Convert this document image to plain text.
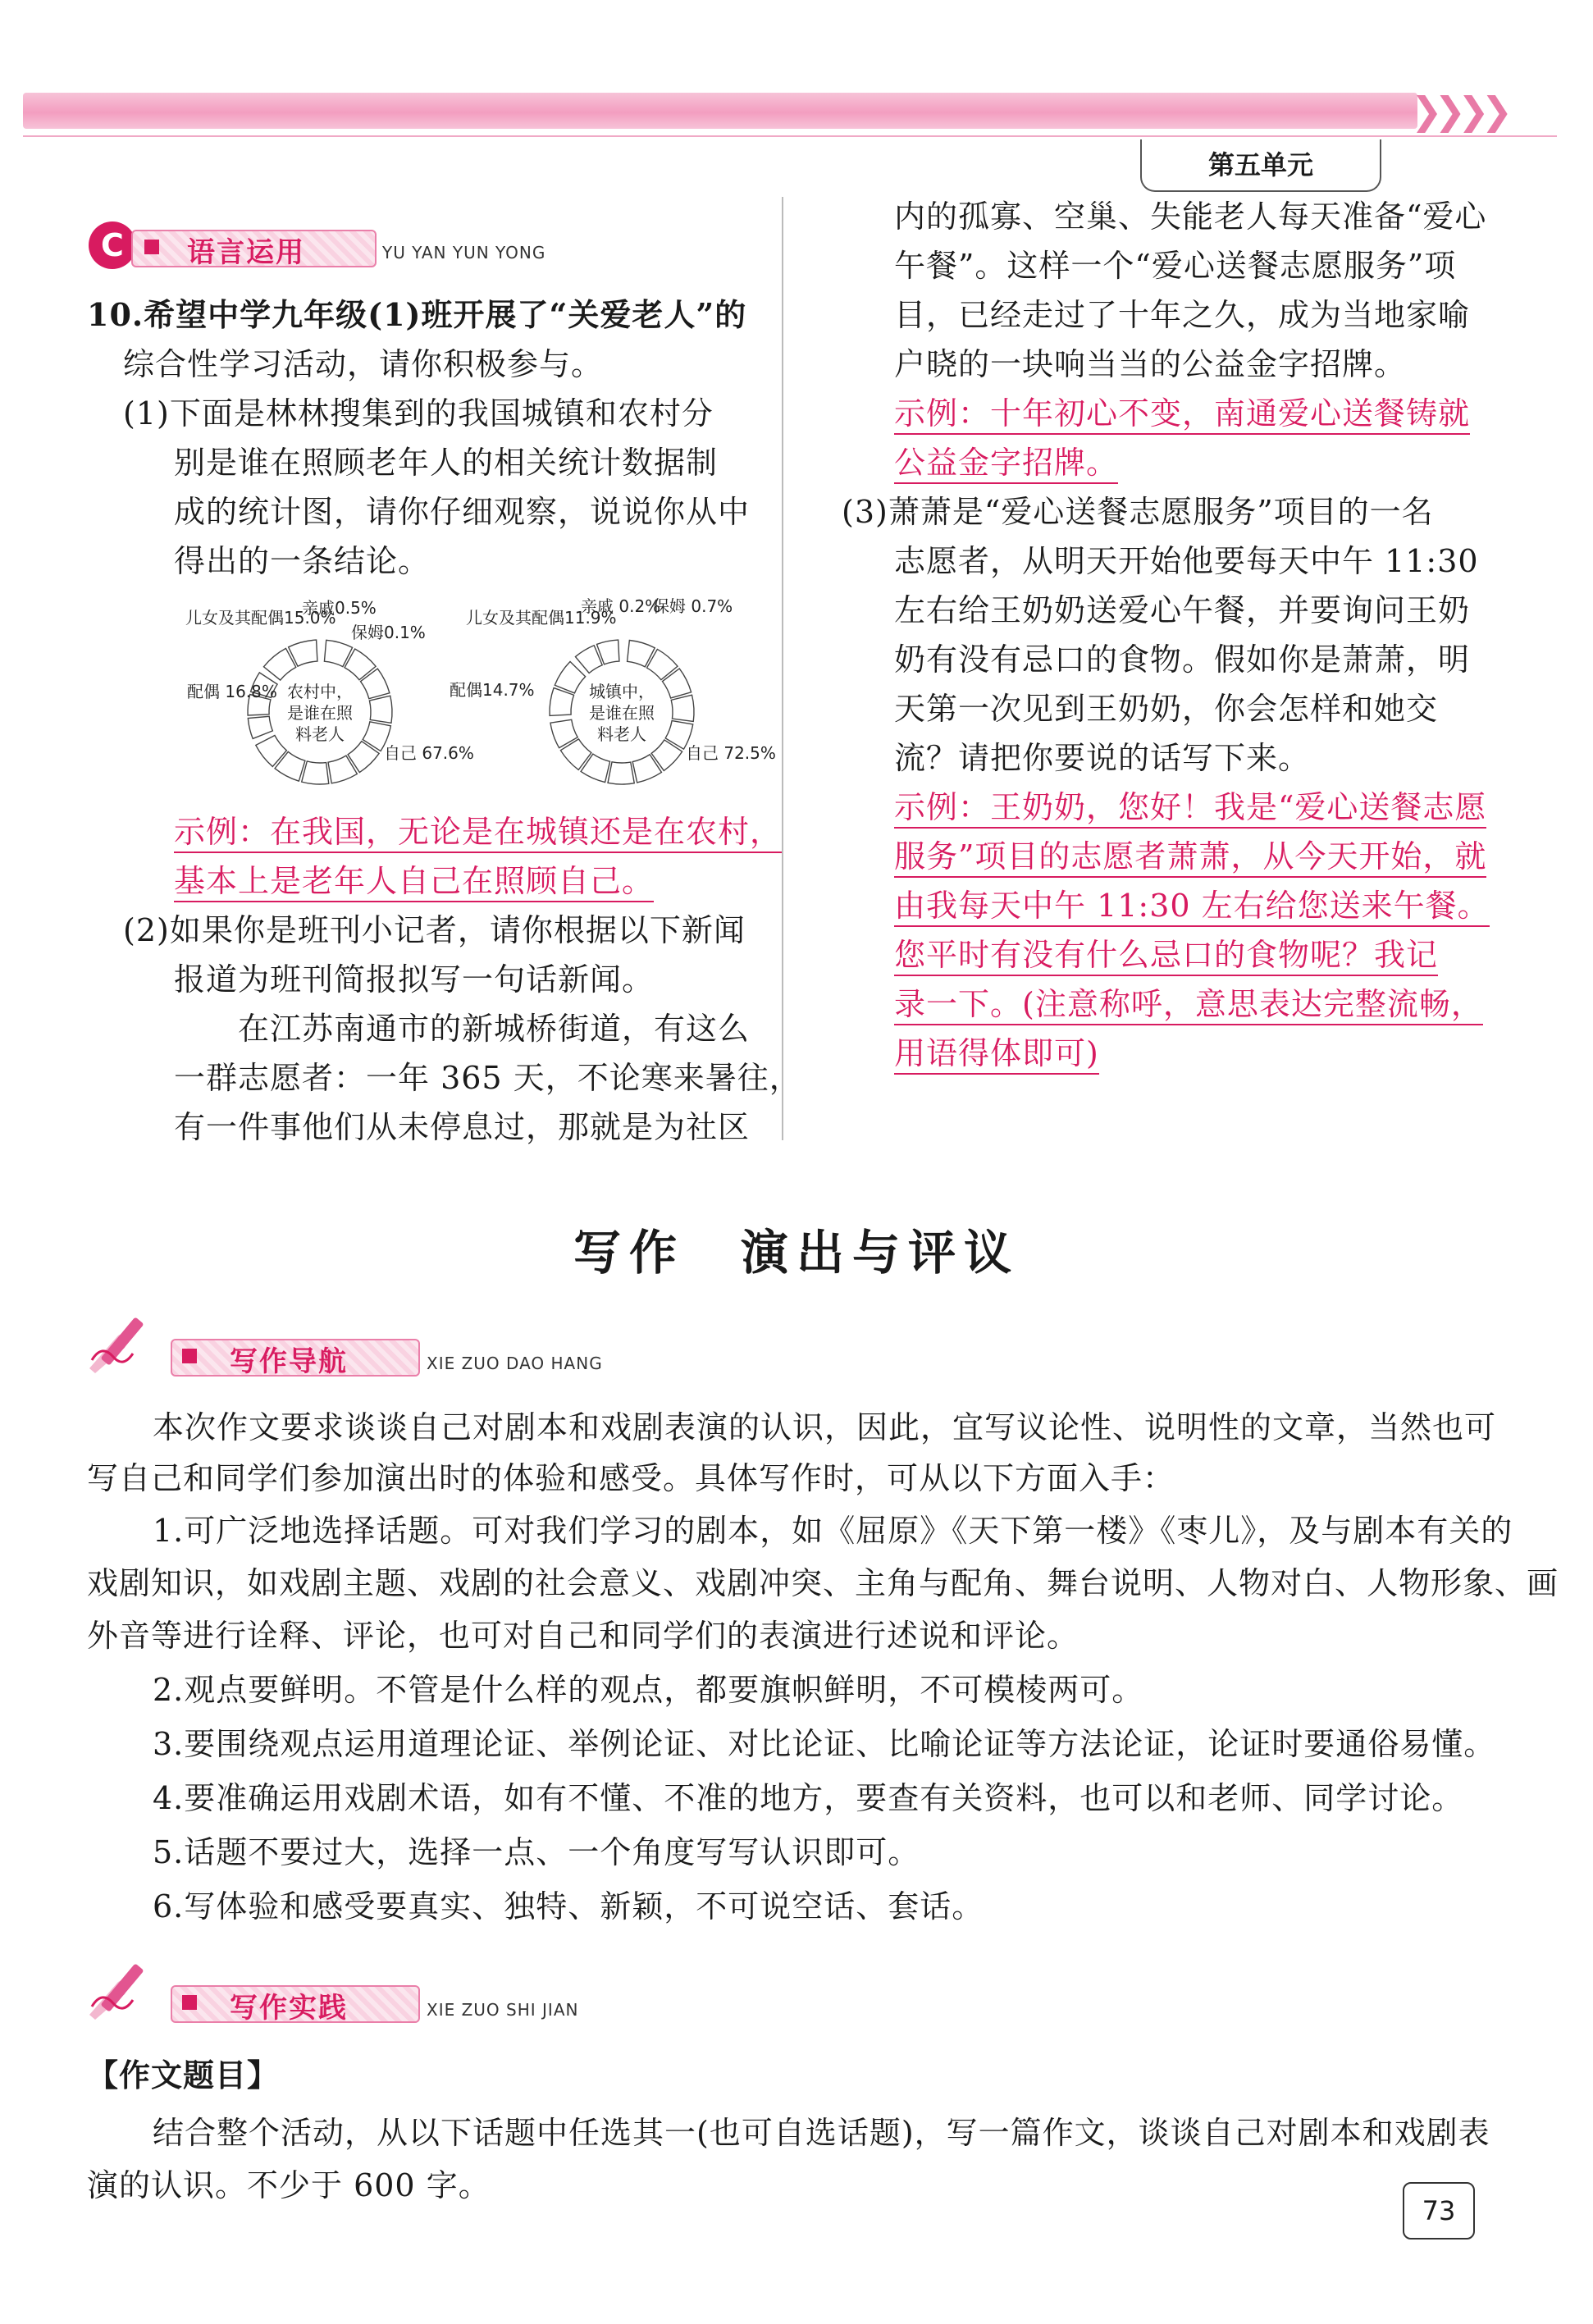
❯❯❯❯
第五单元
C	语言运用	YU YAN YUN YONG
10.希望中学九年级(1)班开展了“关爱老人”的
综合性学习活动，请你积极参与。
(1)下面是林林搜集到的我国城镇和农村分
别是谁在照顾老年人的相关统计数据制
成的统计图，请你仔细观察，说说你从中
得出的一条结论。
农村中，
是谁在照
料老人
自己 67.6%
配偶 16.8%
儿女及其配偶15.0%
亲戚0.5%
保姆0.1%
城镇中，
是谁在照
料老人
自己 72.5%
配偶14.7%
儿女及其配偶11.9%
亲戚 0.2%
保姆 0.7%
示例：在我国，无论是在城镇还是在农村，
基本上是老年人自己在照顾自己。
(2)如果你是班刊小记者，请你根据以下新闻
报道为班刊简报拟写一句话新闻。
在江苏南通市的新城桥街道，有这么
一群志愿者：一年 365 天，不论寒来暑往，
有一件事他们从未停息过，那就是为社区
内的孤寡、空巢、失能老人每天准备“爱心
午餐”。这样一个“爱心送餐志愿服务”项
目，已经走过了十年之久，成为当地家喻
户晓的一块响当当的公益金字招牌。
示例：十年初心不变，南通爱心送餐铸就
公益金字招牌。
(3)萧萧是“爱心送餐志愿服务”项目的一名
志愿者，从明天开始他要每天中午 11:30
左右给王奶奶送爱心午餐，并要询问王奶
奶有没有忌口的食物。假如你是萧萧，明
天第一次见到王奶奶，你会怎样和她交
流？请把你要说的话写下来。
示例：王奶奶，您好！我是“爱心送餐志愿
服务”项目的志愿者萧萧，从今天开始，就
由我每天中午 11:30 左右给您送来午餐。
您平时有没有什么忌口的食物呢？我记
录一下。(注意称呼，意思表达完整流畅，
用语得体即可)
写作　演出与评议
写作导航	XIE ZUO DAO HANG
本次作文要求谈谈自己对剧本和戏剧表演的认识，因此，宜写议论性、说明性的文章，当然也可
写自己和同学们参加演出时的体验和感受。具体写作时，可从以下方面入手：
1.可广泛地选择话题。可对我们学习的剧本，如《屈原》《天下第一楼》《枣儿》，及与剧本有关的
戏剧知识，如戏剧主题、戏剧的社会意义、戏剧冲突、主角与配角、舞台说明、人物对白、人物形象、画
外音等进行诠释、评论，也可对自己和同学们的表演进行述说和评论。
2.观点要鲜明。不管是什么样的观点，都要旗帜鲜明，不可模棱两可。
3.要围绕观点运用道理论证、举例论证、对比论证、比喻论证等方法论证，论证时要通俗易懂。
4.要准确运用戏剧术语，如有不懂、不准的地方，要查有关资料，也可以和老师、同学讨论。
5.话题不要过大，选择一点、一个角度写写认识即可。
6.写体验和感受要真实、独特、新颖，不可说空话、套话。
写作实践	XIE ZUO SHI JIAN
【作文题目】
结合整个活动，从以下话题中任选其一(也可自选话题)，写一篇作文，谈谈自己对剧本和戏剧表
演的认识。不少于 600 字。
73
